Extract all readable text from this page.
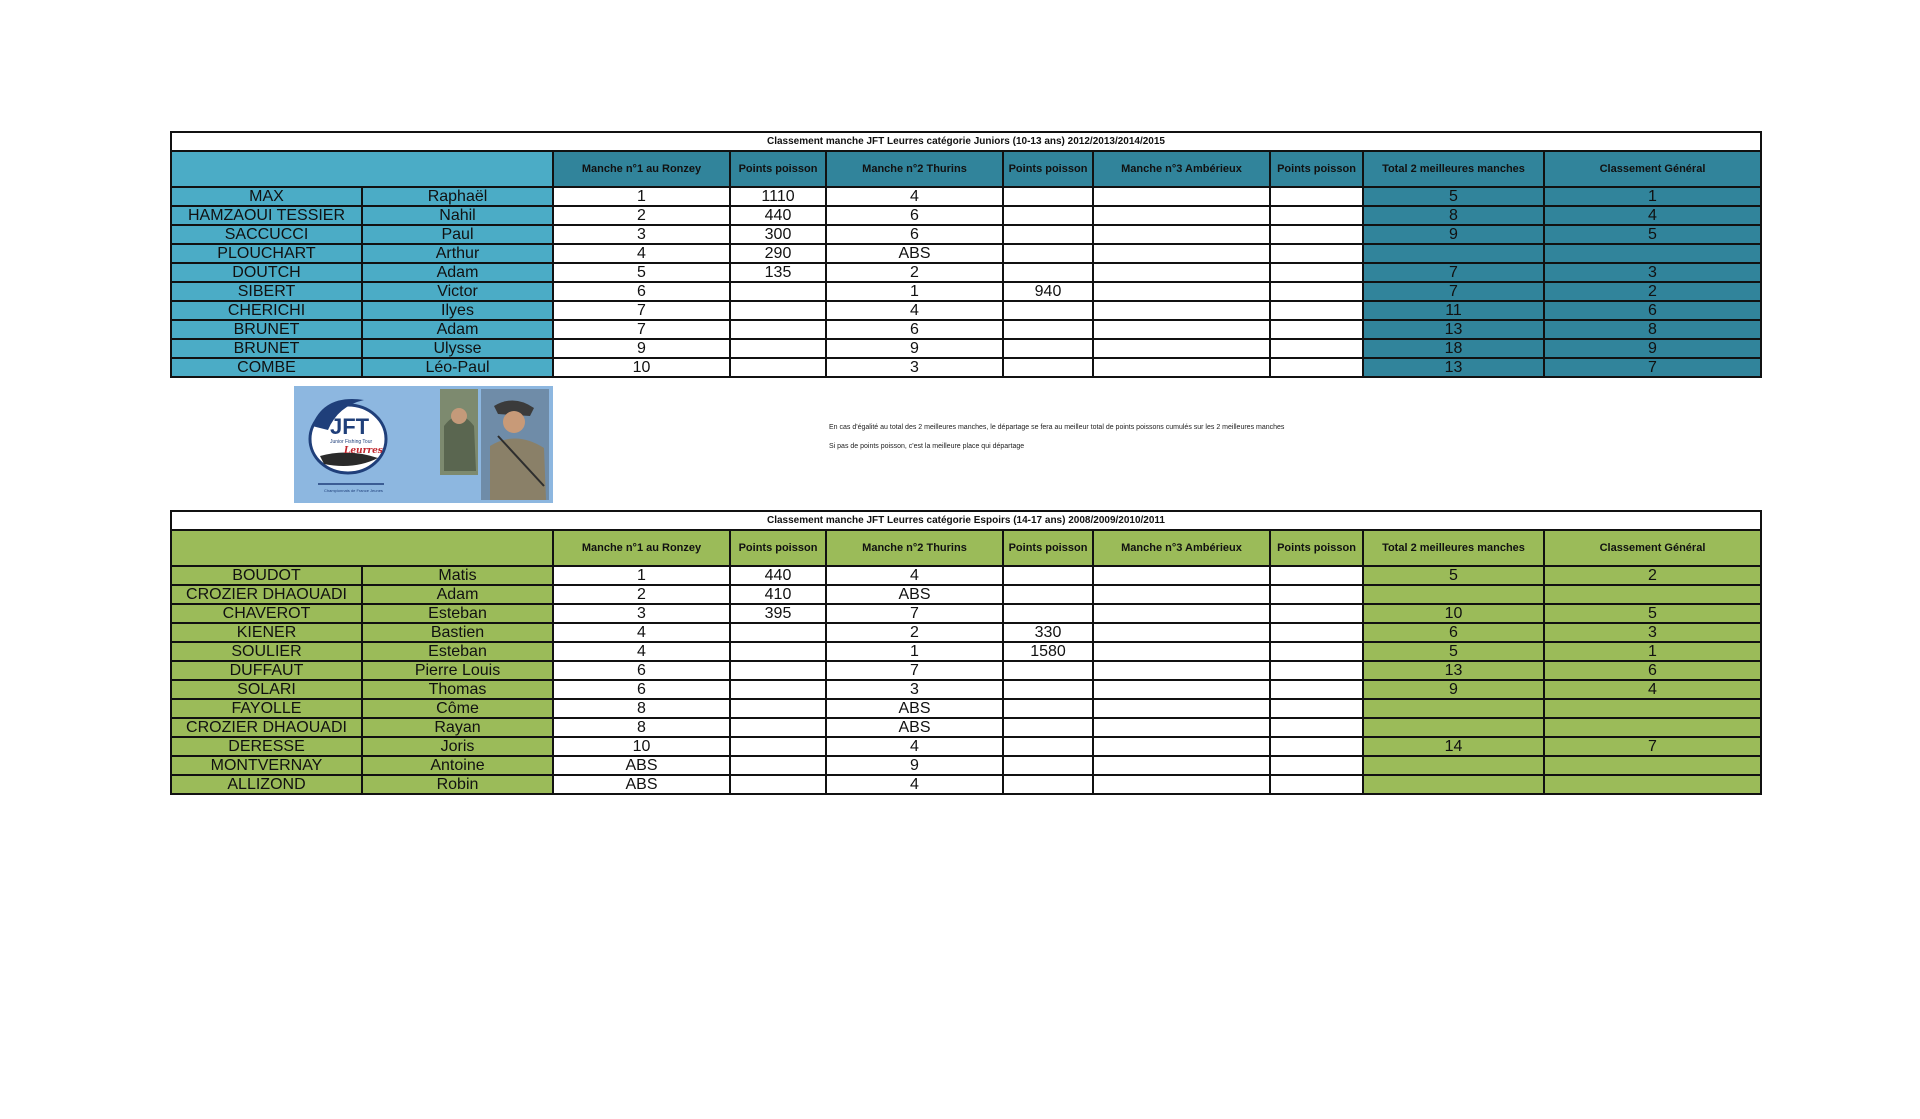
Classement manche JFT Leurres catégorie Juniors (10-13 ans) 2012/2013/2014/2015									
		Manche n°1 au Ronzey	Points poisson	Manche n°2 Thurins	Points poisson	Manche n°3 Ambérieux	Points poisson	Total 2 meilleures manches	Classement Général
MAX	Raphaël	1	1110	4				5	1
HAMZAOUI TESSIER	Nahil	2	440	6				8	4
SACCUCCI	Paul	3	300	6				9	5
PLOUCHART	Arthur	4	290	ABS					
DOUTCH	Adam	5	135	2				7	3
SIBERT	Victor	6		1	940			7	2
CHERICHI	Ilyes	7		4				11	6
BRUNET	Adam	7		6				13	8
BRUNET	Ulysse	9		9				18	9
COMBE	Léo-Paul	10		3				13	7
JFT
Junior Fishing Tour
Leurres
Championnats de France Jeunes
En cas d'égalité au total des 2 meilleures manches, le départage se fera au meilleur total de points poissons cumulés sur les 2 meilleures manches
Si pas de points poisson, c'est la meilleure place qui départage
Classement manche JFT Leurres catégorie Espoirs (14-17 ans) 2008/2009/2010/2011									
		Manche n°1 au Ronzey	Points poisson	Manche n°2 Thurins	Points poisson	Manche n°3 Ambérieux	Points poisson	Total 2 meilleures manches	Classement Général
BOUDOT	Matis	1	440	4				5	2
CROZIER DHAOUADI	Adam	2	410	ABS					
CHAVEROT	Esteban	3	395	7				10	5
KIENER	Bastien	4		2	330			6	3
SOULIER	Esteban	4		1	1580			5	1
DUFFAUT	Pierre Louis	6		7				13	6
SOLARI	Thomas	6		3				9	4
FAYOLLE	Côme	8		ABS					
CROZIER DHAOUADI	Rayan	8		ABS					
DERESSE	Joris	10		4				14	7
MONTVERNAY	Antoine	ABS		9					
ALLIZOND	Robin	ABS		4					
